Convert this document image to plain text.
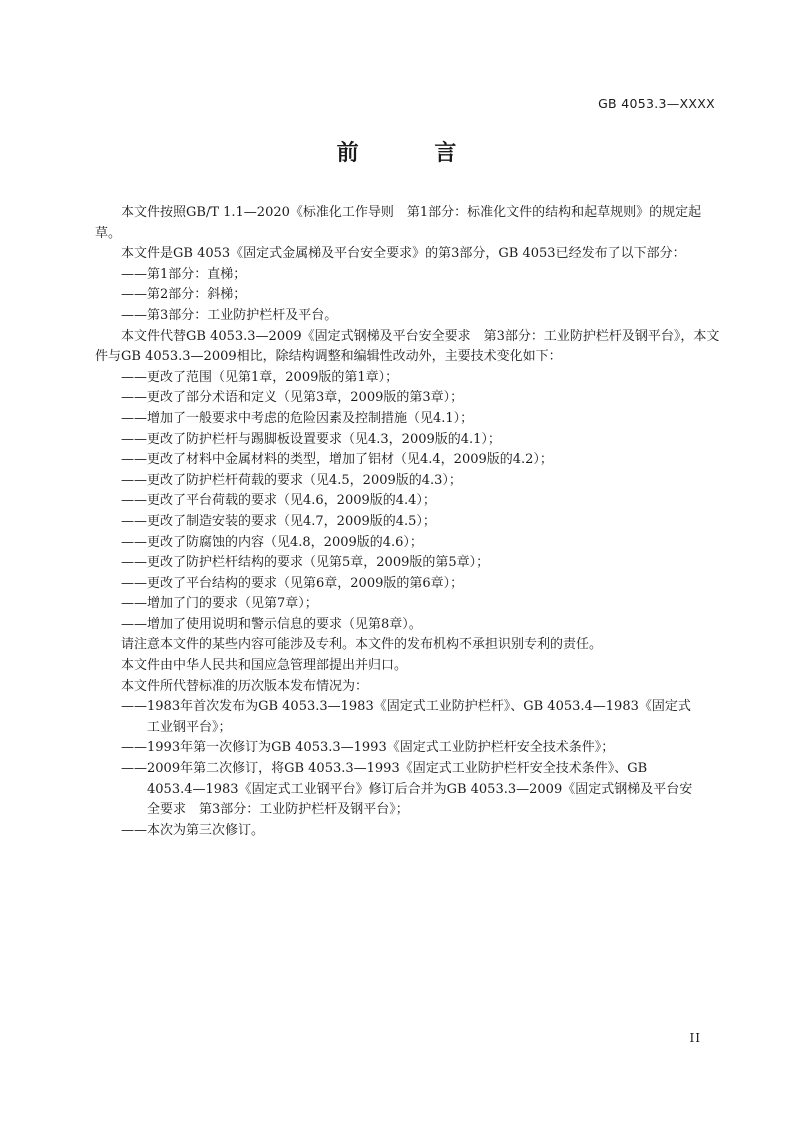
GB 4053.3—XXXX
前 言

本文件按照GB/T 1.1—2020《标准化工作导则　第1部分：标准化文件的结构和起草规则》的规定起草。

本文件是GB 4053《固定式金属梯及平台安全要求》的第3部分，GB 4053已经发布了以下部分：

——第1部分：直梯；

——第2部分：斜梯；

——第3部分：工业防护栏杆及平台。

本文件代替GB 4053.3—2009《固定式钢梯及平台安全要求　第3部分：工业防护栏杆及钢平台》，本文件与GB 4053.3—2009相比，除结构调整和编辑性改动外，主要技术变化如下：

——更改了范围（见第1章，2009版的第1章）；

——更改了部分术语和定义（见第3章，2009版的第3章）；

——增加了一般要求中考虑的危险因素及控制措施（见4.1）；

——更改了防护栏杆与踢脚板设置要求（见4.3，2009版的4.1）；

——更改了材料中金属材料的类型，增加了铝材（见4.4，2009版的4.2）；

——更改了防护栏杆荷载的要求（见4.5，2009版的4.3）；

——更改了平台荷载的要求（见4.6，2009版的4.4）；

——更改了制造安装的要求（见4.7，2009版的4.5）；

——更改了防腐蚀的内容（见4.8，2009版的4.6）；

——更改了防护栏杆结构的要求（见第5章，2009版的第5章）；

——更改了平台结构的要求（见第6章，2009版的第6章）；

——增加了门的要求（见第7章）；

——增加了使用说明和警示信息的要求（见第8章）。

请注意本文件的某些内容可能涉及专利。本文件的发布机构不承担识别专利的责任。

本文件由中华人民共和国应急管理部提出并归口。

本文件所代替标准的历次版本发布情况为：

——1983年首次发布为GB 4053.3—1983《固定式工业防护栏杆》、GB 4053.4—1983《固定式

工业钢平台》；

——1993年第一次修订为GB 4053.3—1993《固定式工业防护栏杆安全技术条件》；

——2009年第二次修订，将GB 4053.3—1993《固定式工业防护栏杆安全技术条件》、GB

4053.4—1983《固定式工业钢平台》修订后合并为GB 4053.3—2009《固定式钢梯及平台安

全要求　第3部分：工业防护栏杆及钢平台》；

——本次为第三次修订。

II
